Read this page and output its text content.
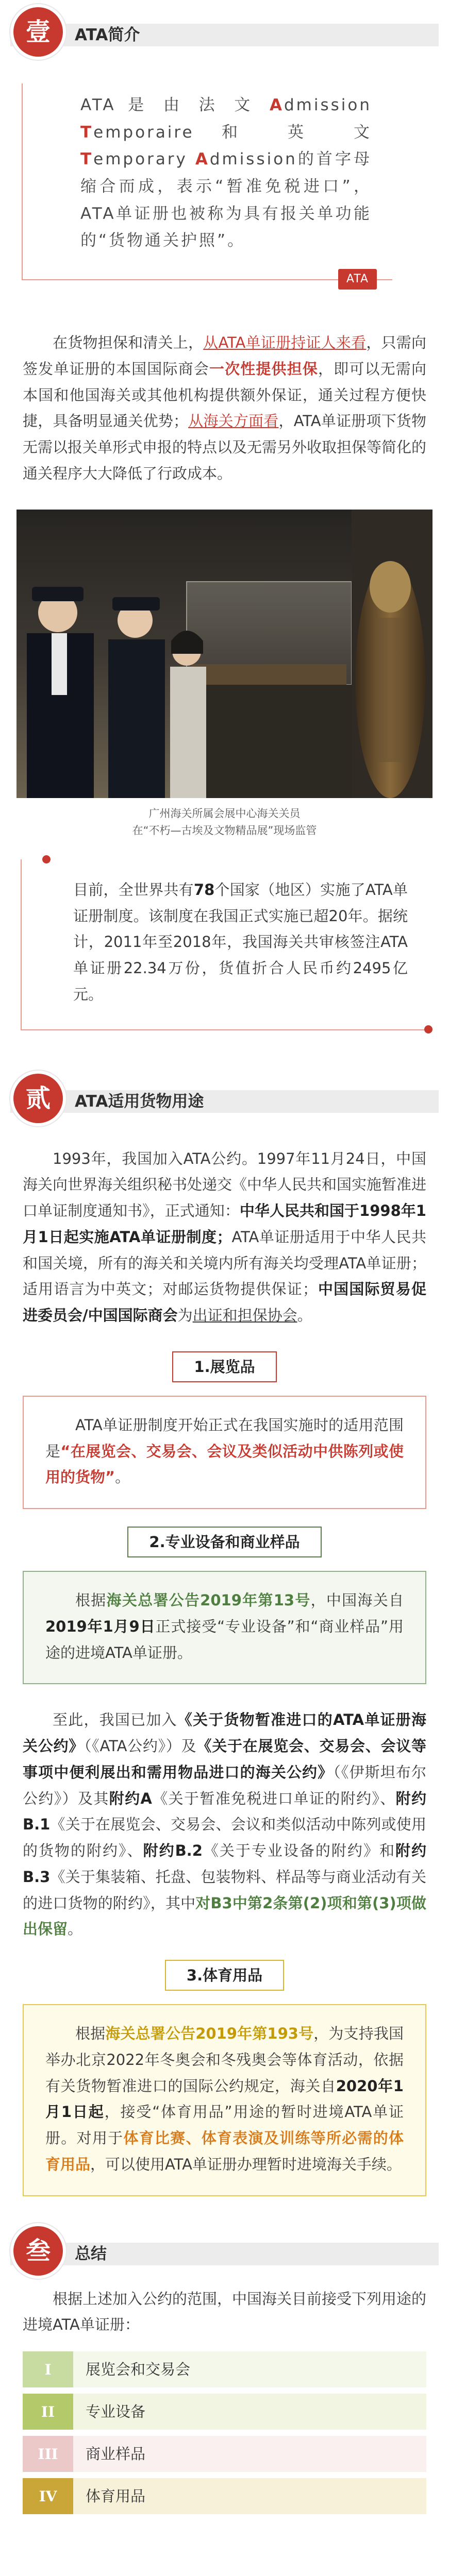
壹	ATA简介
ATA 是 由 法 文 Admission Temporaire 和 英 文 Temporary Admission的首字母缩合而成，表示“暂准免税进口”，ATA单证册也被称为具有报关单功能的“货物通关护照”。
ATA

在货物担保和清关上，从ATA单证册持证人来看，只需向签发单证册的本国国际商会一次性提供担保，即可以无需向本国和他国海关或其他机构提供额外保证，通关过程方便快捷，具备明显通关优势；从海关方面看，ATA单证册项下货物无需以报关单形式申报的特点以及无需另外收取担保等简化的通关程序大大降低了行政成本。

广州海关所属会展中心海关关员
在“不朽—古埃及文物精品展”现场监管

目前，全世界共有78个国家（地区）实施了ATA单证册制度。该制度在我国正式实施已超20年。据统计，2011年至2018年，我国海关共审核签注ATA单证册22.34万份，货值折合人民币约2495亿元。

贰	ATA适用货物用途

1993年，我国加入ATA公约。1997年11月24日，中国海关向世界海关组织秘书处递交《中华人民共和国实施暂准进口单证制度通知书》，正式通知：中华人民共和国于1998年1月1日起实施ATA单证册制度；ATA单证册适用于中华人民共和国关境，所有的海关和关境内所有海关均受理ATA单证册；适用语言为中英文；对邮运货物提供保证；中国国际贸易促进委员会/中国国际商会为出证和担保协会。

1.展览品
ATA单证册制度开始正式在我国实施时的适用范围是“在展览会、交易会、会议及类似活动中供陈列或使用的货物”。
2.专业设备和商业样品
根据海关总署公告2019年第13号，中国海关自2019年1月9日正式接受“专业设备”和“商业样品”用途的进境ATA单证册。

至此，我国已加入《关于货物暂准进口的ATA单证册海关公约》（《ATA公约》）及《关于在展览会、交易会、会议等事项中便利展出和需用物品进口的海关公约》（《伊斯坦布尔公约》）及其附约A《关于暂准免税进口单证的附约》、附约B.1《关于在展览会、交易会、会议和类似活动中陈列或使用的货物的附约》、附约B.2《关于专业设备的附约》和附约B.3《关于集装箱、托盘、包装物料、样品等与商业活动有关的进口货物的附约》，其中对B3中第2条第(2)项和第(3)项做出保留。

3.体育用品
根据海关总署公告2019年第193号，为支持我国举办北京2022年冬奥会和冬残奥会等体育活动，依据有关货物暂准进口的国际公约规定，海关自2020年1月1日起，接受“体育用品”用途的暂时进境ATA单证册。对用于体育比赛、体育表演及训练等所必需的体育用品，可以使用ATA单证册办理暂时进境海关手续。
叁	总结

根据上述加入公约的范围，中国海关目前接受下列用途的进境ATA单证册：

I	展览会和交易会
II	专业设备
III	商业样品
IV	体育用品
